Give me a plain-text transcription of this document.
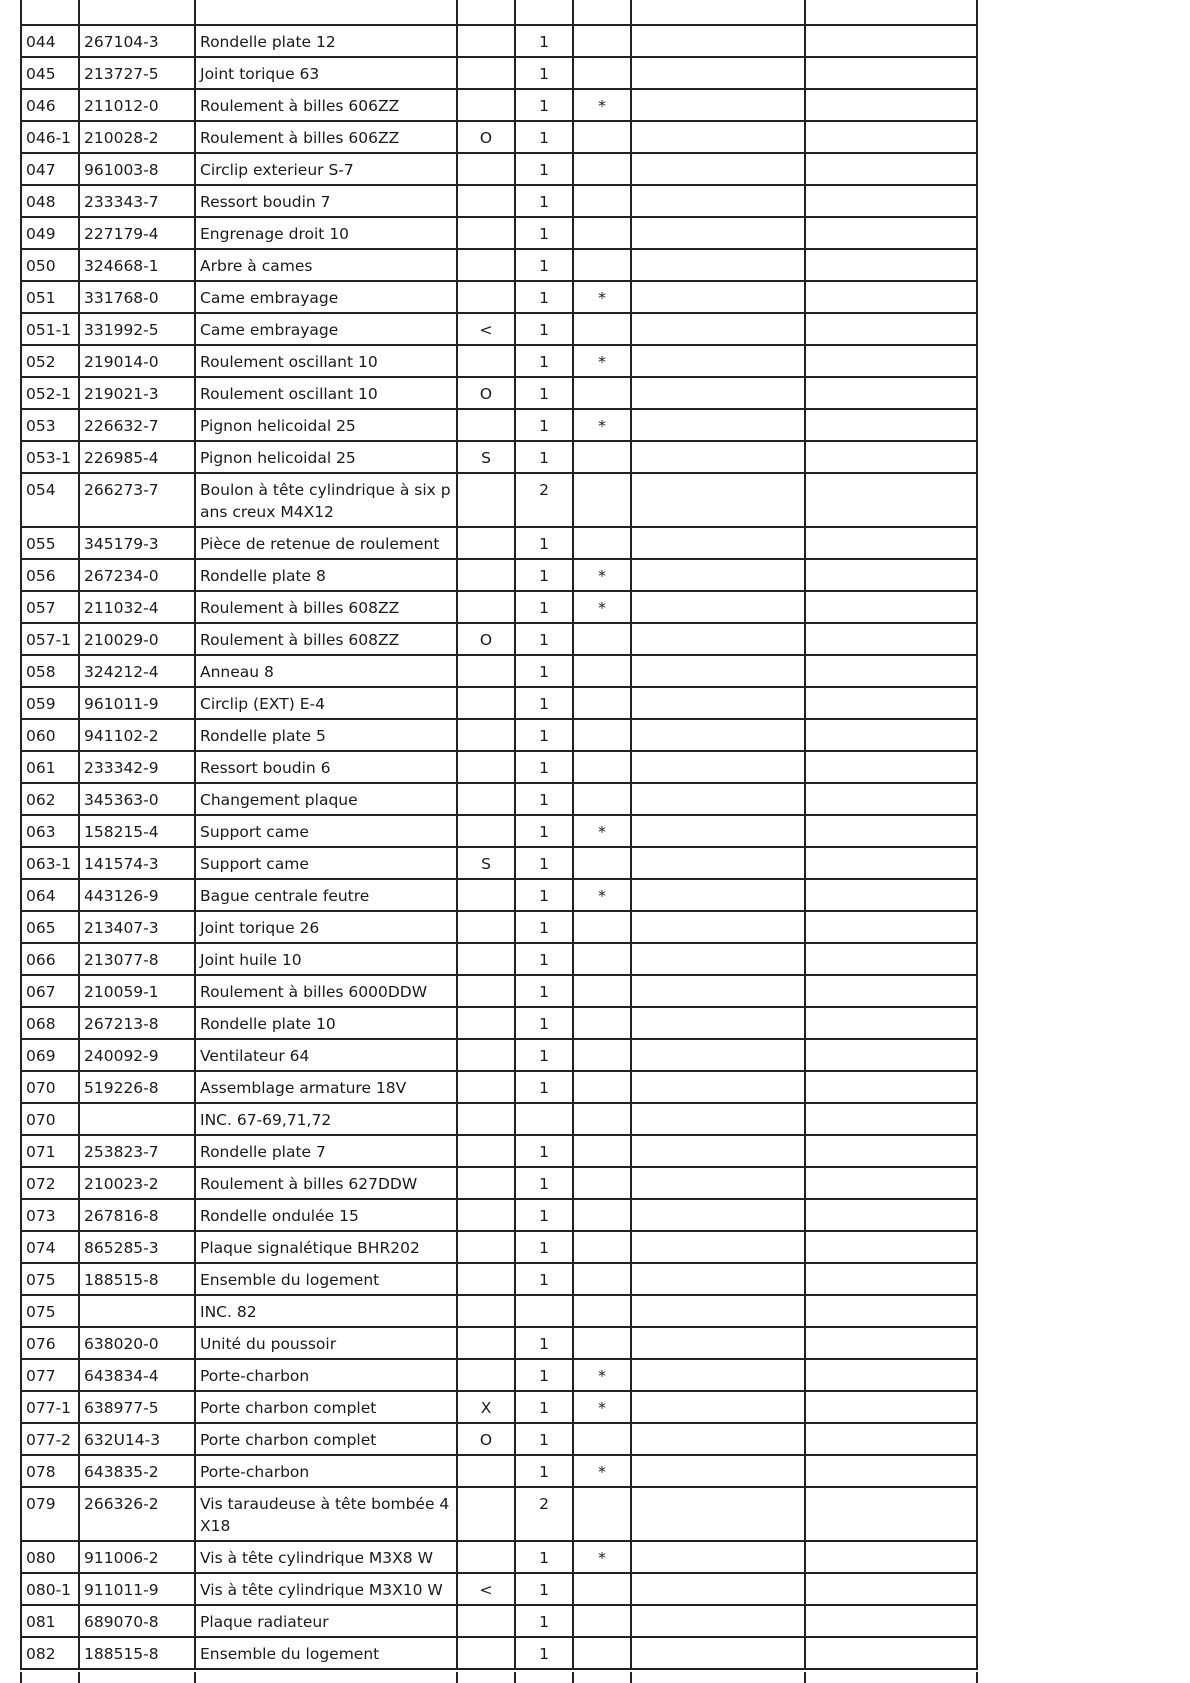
044	267104-3	Rondelle plate 12		1			
045	213727-5	Joint torique 63		1			
046	211012-0	Roulement à billes 606ZZ		1	*		
046-1	210028-2	Roulement à billes 606ZZ	O	1			
047	961003-8	Circlip exterieur S-7		1			
048	233343-7	Ressort boudin 7		1			
049	227179-4	Engrenage droit 10		1			
050	324668-1	Arbre à cames		1			
051	331768-0	Came embrayage		1	*		
051-1	331992-5	Came embrayage	<	1			
052	219014-0	Roulement oscillant 10		1	*		
052-1	219021-3	Roulement oscillant 10	O	1			
053	226632-7	Pignon helicoidal 25		1	*		
053-1	226985-4	Pignon helicoidal 25	S	1			
054	266273-7	Boulon à tête cylindrique à six pans creux M4X12		2			
055	345179-3	Pièce de retenue de roulement		1			
056	267234-0	Rondelle plate 8		1	*		
057	211032-4	Roulement à billes 608ZZ		1	*		
057-1	210029-0	Roulement à billes 608ZZ	O	1			
058	324212-4	Anneau 8		1			
059	961011-9	Circlip (EXT) E-4		1			
060	941102-2	Rondelle plate 5		1			
061	233342-9	Ressort boudin 6		1			
062	345363-0	Changement plaque		1			
063	158215-4	Support came		1	*		
063-1	141574-3	Support came	S	1			
064	443126-9	Bague centrale feutre		1	*		
065	213407-3	Joint torique 26		1			
066	213077-8	Joint huile 10		1			
067	210059-1	Roulement à billes 6000DDW		1			
068	267213-8	Rondelle plate 10		1			
069	240092-9	Ventilateur 64		1			
070	519226-8	Assemblage armature 18V		1			
070		INC. 67-69,71,72					
071	253823-7	Rondelle plate 7		1			
072	210023-2	Roulement à billes 627DDW		1			
073	267816-8	Rondelle ondulée 15		1			
074	865285-3	Plaque signalétique BHR202		1			
075	188515-8	Ensemble du logement		1			
075		INC. 82					
076	638020-0	Unité du poussoir		1			
077	643834-4	Porte-charbon		1	*		
077-1	638977-5	Porte charbon complet	X	1	*		
077-2	632U14-3	Porte charbon complet	O	1			
078	643835-2	Porte-charbon		1	*		
079	266326-2	Vis taraudeuse à tête bombée 4X18		2			
080	911006-2	Vis à tête cylindrique M3X8 W		1	*		
080-1	911011-9	Vis à tête cylindrique M3X10 W	<	1			
081	689070-8	Plaque radiateur		1			
082	188515-8	Ensemble du logement		1			
